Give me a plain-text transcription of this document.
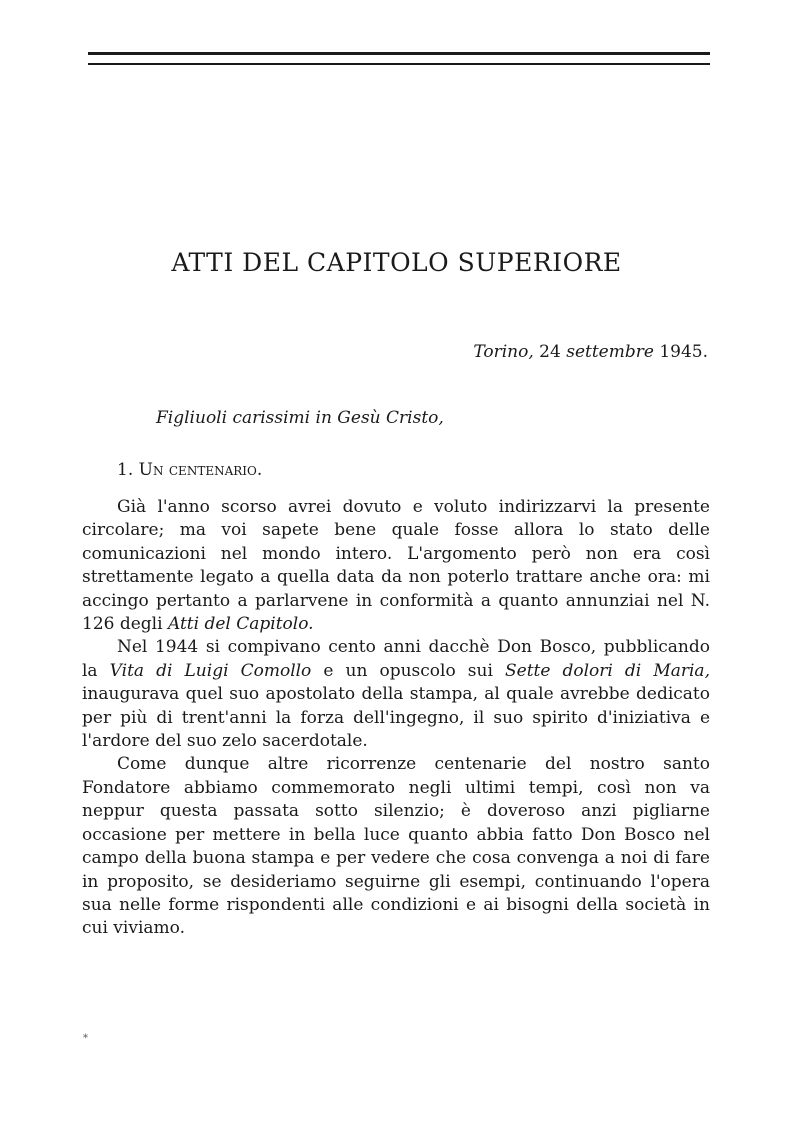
ATTI DEL CAPITOLO SUPERIORE
Torino, 24 settembre 1945.
Figliuoli carissimi in Gesù Cristo,
1. Un centenario.

Già l'anno scorso avrei dovuto e voluto indirizzarvi la presente circolare; ma voi sapete bene quale fosse allora lo stato delle comunicazioni nel mondo intero. L'argomento però non era così strettamente legato a quella data da non poterlo trattare anche ora: mi accingo pertanto a parlarvene in conformità a quanto annunziai nel N. 126 degli Atti del Capitolo.

Nel 1944 si compivano cento anni dacchè Don Bosco, pubblicando la Vita di Luigi Comollo e un opuscolo sui Sette dolori di Maria, inaugurava quel suo apostolato della stampa, al quale avrebbe dedicato per più di trent'anni la forza dell'ingegno, il suo spirito d'iniziativa e l'ardore del suo zelo sacerdotale.

Come dunque altre ricorrenze centenarie del nostro santo Fondatore abbiamo commemorato negli ultimi tempi, così non va neppur questa passata sotto silenzio; è doveroso anzi pigliarne occasione per mettere in bella luce quanto abbia fatto Don Bosco nel campo della buona stampa e per vedere che cosa convenga a noi di fare in proposito, se desideriamo seguirne gli esempi, continuando l'opera sua nelle forme rispondenti alle condizioni e ai bisogni della società in cui viviamo.

*
